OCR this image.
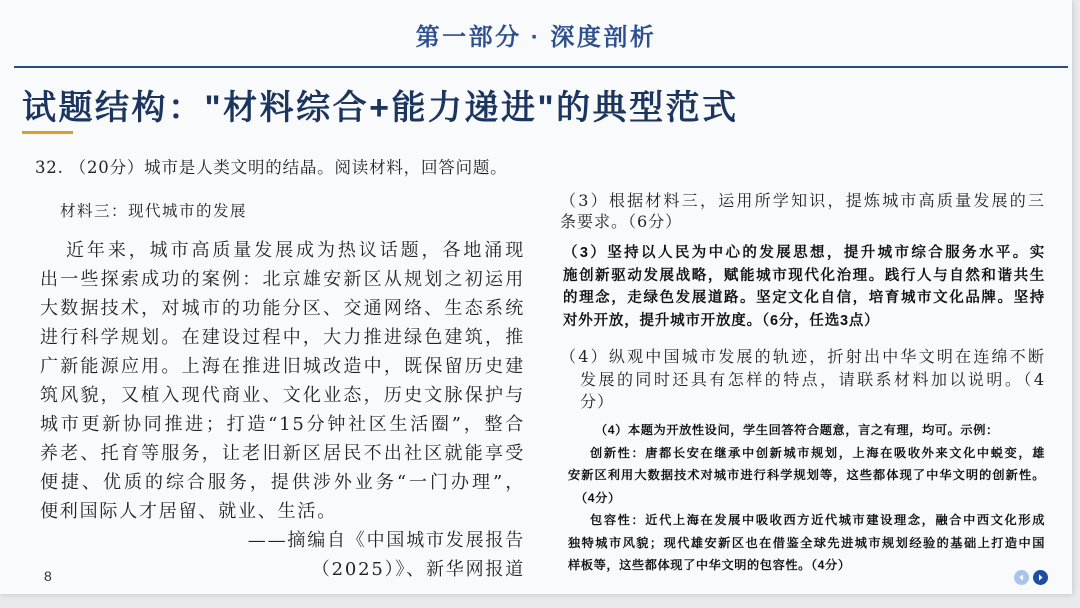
第一部分 · 深度剖析
试题结构："材料综合+能力递进"的典型范式
32. （20分）城市是人类文明的结晶。阅读材料，回答问题。
材料三：现代城市的发展
近年来，城市高质量发展成为热议话题，各地涌现
出一些探索成功的案例：北京雄安新区从规划之初运用
大数据技术，对城市的功能分区、交通网络、生态系统
进行科学规划。在建设过程中，大力推进绿色建筑，推
广新能源应用。上海在推进旧城改造中，既保留历史建
筑风貌，又植入现代商业、文化业态，历史文脉保护与
城市更新协同推进；打造“15分钟社区生活圈”，整合
养老、托育等服务，让老旧新区居民不出社区就能享受
便捷、优质的综合服务，提供涉外业务“一门办理”，
便利国际人才居留、就业、生活。
——摘编自《中国城市发展报告
（2025）》、新华网报道
（3）根据材料三，运用所学知识，提炼城市高质量发展的三
条要求。（6分）
（3）坚持以人民为中心的发展思想，提升城市综合服务水平。实
施创新驱动发展战略，赋能城市现代化治理。践行人与自然和谐共生
的理念，走绿色发展道路。坚定文化自信，培育城市文化品牌。坚持
对外开放，提升城市开放度。（6分，任选3点）
（4）纵观中国城市发展的轨迹，折射出中华文明在连绵不断
发展的同时还具有怎样的特点，请联系材料加以说明。（4
分）
（4）本题为开放性设问，学生回答符合题意，言之有理，均可。示例：
创新性：唐都长安在继承中创新城市规划，上海在吸收外来文化中蜕变，雄
安新区利用大数据技术对城市进行科学规划等，这些都体现了中华文明的创新性。
（4分）
包容性：近代上海在发展中吸收西方近代城市建设理念，融合中西文化形成
独特城市风貌；现代雄安新区也在借鉴全球先进城市规划经验的基础上打造中国
样板等，这些都体现了中华文明的包容性。（4分）
8
